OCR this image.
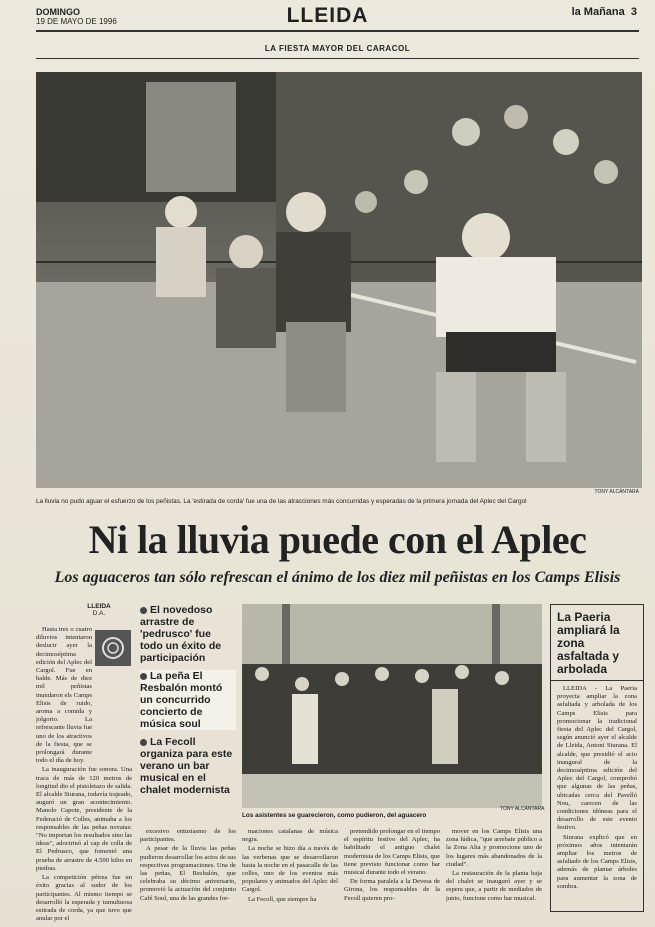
DOMINGO
19 DE MAYO DE 1996	LLEIDA	la Mañana 3
LA FIESTA MAYOR DEL CARACOL
La lluvia no pudo aguar el esfuerzo de los peñistas. La 'estirada de corda' fue una de las atracciones más concurridas y esperadas de la primera jornada del Aplec del Cargol
TONY ALCÁNTARA
Ni la lluvia puede con el Aplec
Los aguaceros tan sólo refrescan el ánimo de los diez mil peñistas en los Camps Elisis
LLEIDA
D.A.

Hasta tres o cuatro diluvios intentaron deslucir ayer la decimoséptima edición del Aplec del Cargol. Fue en balde. Más de diez mil peñistas inundaron els Camps Elisis de ruido, aroma a comida y jolgorio. La refrescante lluvia fue uno de los atractivos de la fiesta, que se prolongará durante todo el día de hoy.

La inauguración fue sonora. Una traca de más de 120 metros de longitud dio el pistoletazo de salida. El alcalde Siurana, todavía trajeado, auguró un gran acontecimiento. Manolo Capote, presidente de la Federació de Colles, animaba a los responsables de las peñas novatas: "No importan los resultados sino las ideas", adoctrinó al cap de colla de El Pedrusco, que fomentó una prueba de arrastre de 4.500 kilos en piedras.

La competición pétrea fue un éxito gracias al sudor de los participantes. Al mismo tiempo se desarrolló la esperada y tumultuosa estirada de corda, ya que tuvo que anular por el

El novedoso arrastre de 'pedrusco' fue todo un éxito de participación
La peña El Resbalón montó un concurrido concierto de música soul
La Fecoll organiza para este verano un bar musical en el chalet modernista
Los asistentes se guarecieron, como pudieron, del aguacero
TONY ALCÁNTARA

excesivo entusiasmo de los participantes.

A pesar de la lluvia las peñas pudieron desarrollar los actos de sus respectivas programaciones. Una de las peñas, El Resbalón, que celebraba su décimo aniversario, promovió la actuación del conjunto Café Soul, una de las grandes for-

maciones catalanas de música negra.

La noche se hizo día a través de las verbenas que se desarrollaron hasta la noche en el pasacalle de las colles, uno de los eventos más populares y animados del Aplec del Cargol.

La Fecoll, que siempre ha

pretendido prolongar en el tiempo el espíritu festivo del Aplec, ha habilitado el antiguo chalet modernista de los Camps Elisis, que tiene previsto funcionar como bar musical durante todo el verano.

De forma paralela a la Devesa de Girona, los responsables de la Fecoll quieren pro-

mover en los Camps Elisis una zona lúdica, "que arrebate público a la Zona Alta y promocione uno de los lugares más abandonados de la ciudad".

La restauración de la planta baja del chalet se inauguró ayer y se espera que, a partir de mediados de junio, funcione como bar musical.

La Paeria ampliará la zona asfaltada y arbolada

LLEIDA - La Paeria proyecta ampliar la zona asfaltada y arbolada de los Camps Elisis para promocionar la tradicional fiesta del Aplec del Cargol, según anunció ayer el alcalde de Lleida, Antoni Siurana. El alcalde, que presidió el acto inaugural de la decimoséptima edición del Aplec del Cargol, comprobó que algunas de las peñas, ubicadas cerca del Pavelló Nou, carecen de las condiciones idóneas para el desarrollo de este evento festivo.

Siurana explicó que en próximos años intentarán ampliar los metros de asfaltado de los Camps Elisis, además de plantar árboles para aumentar la zona de sombra.
